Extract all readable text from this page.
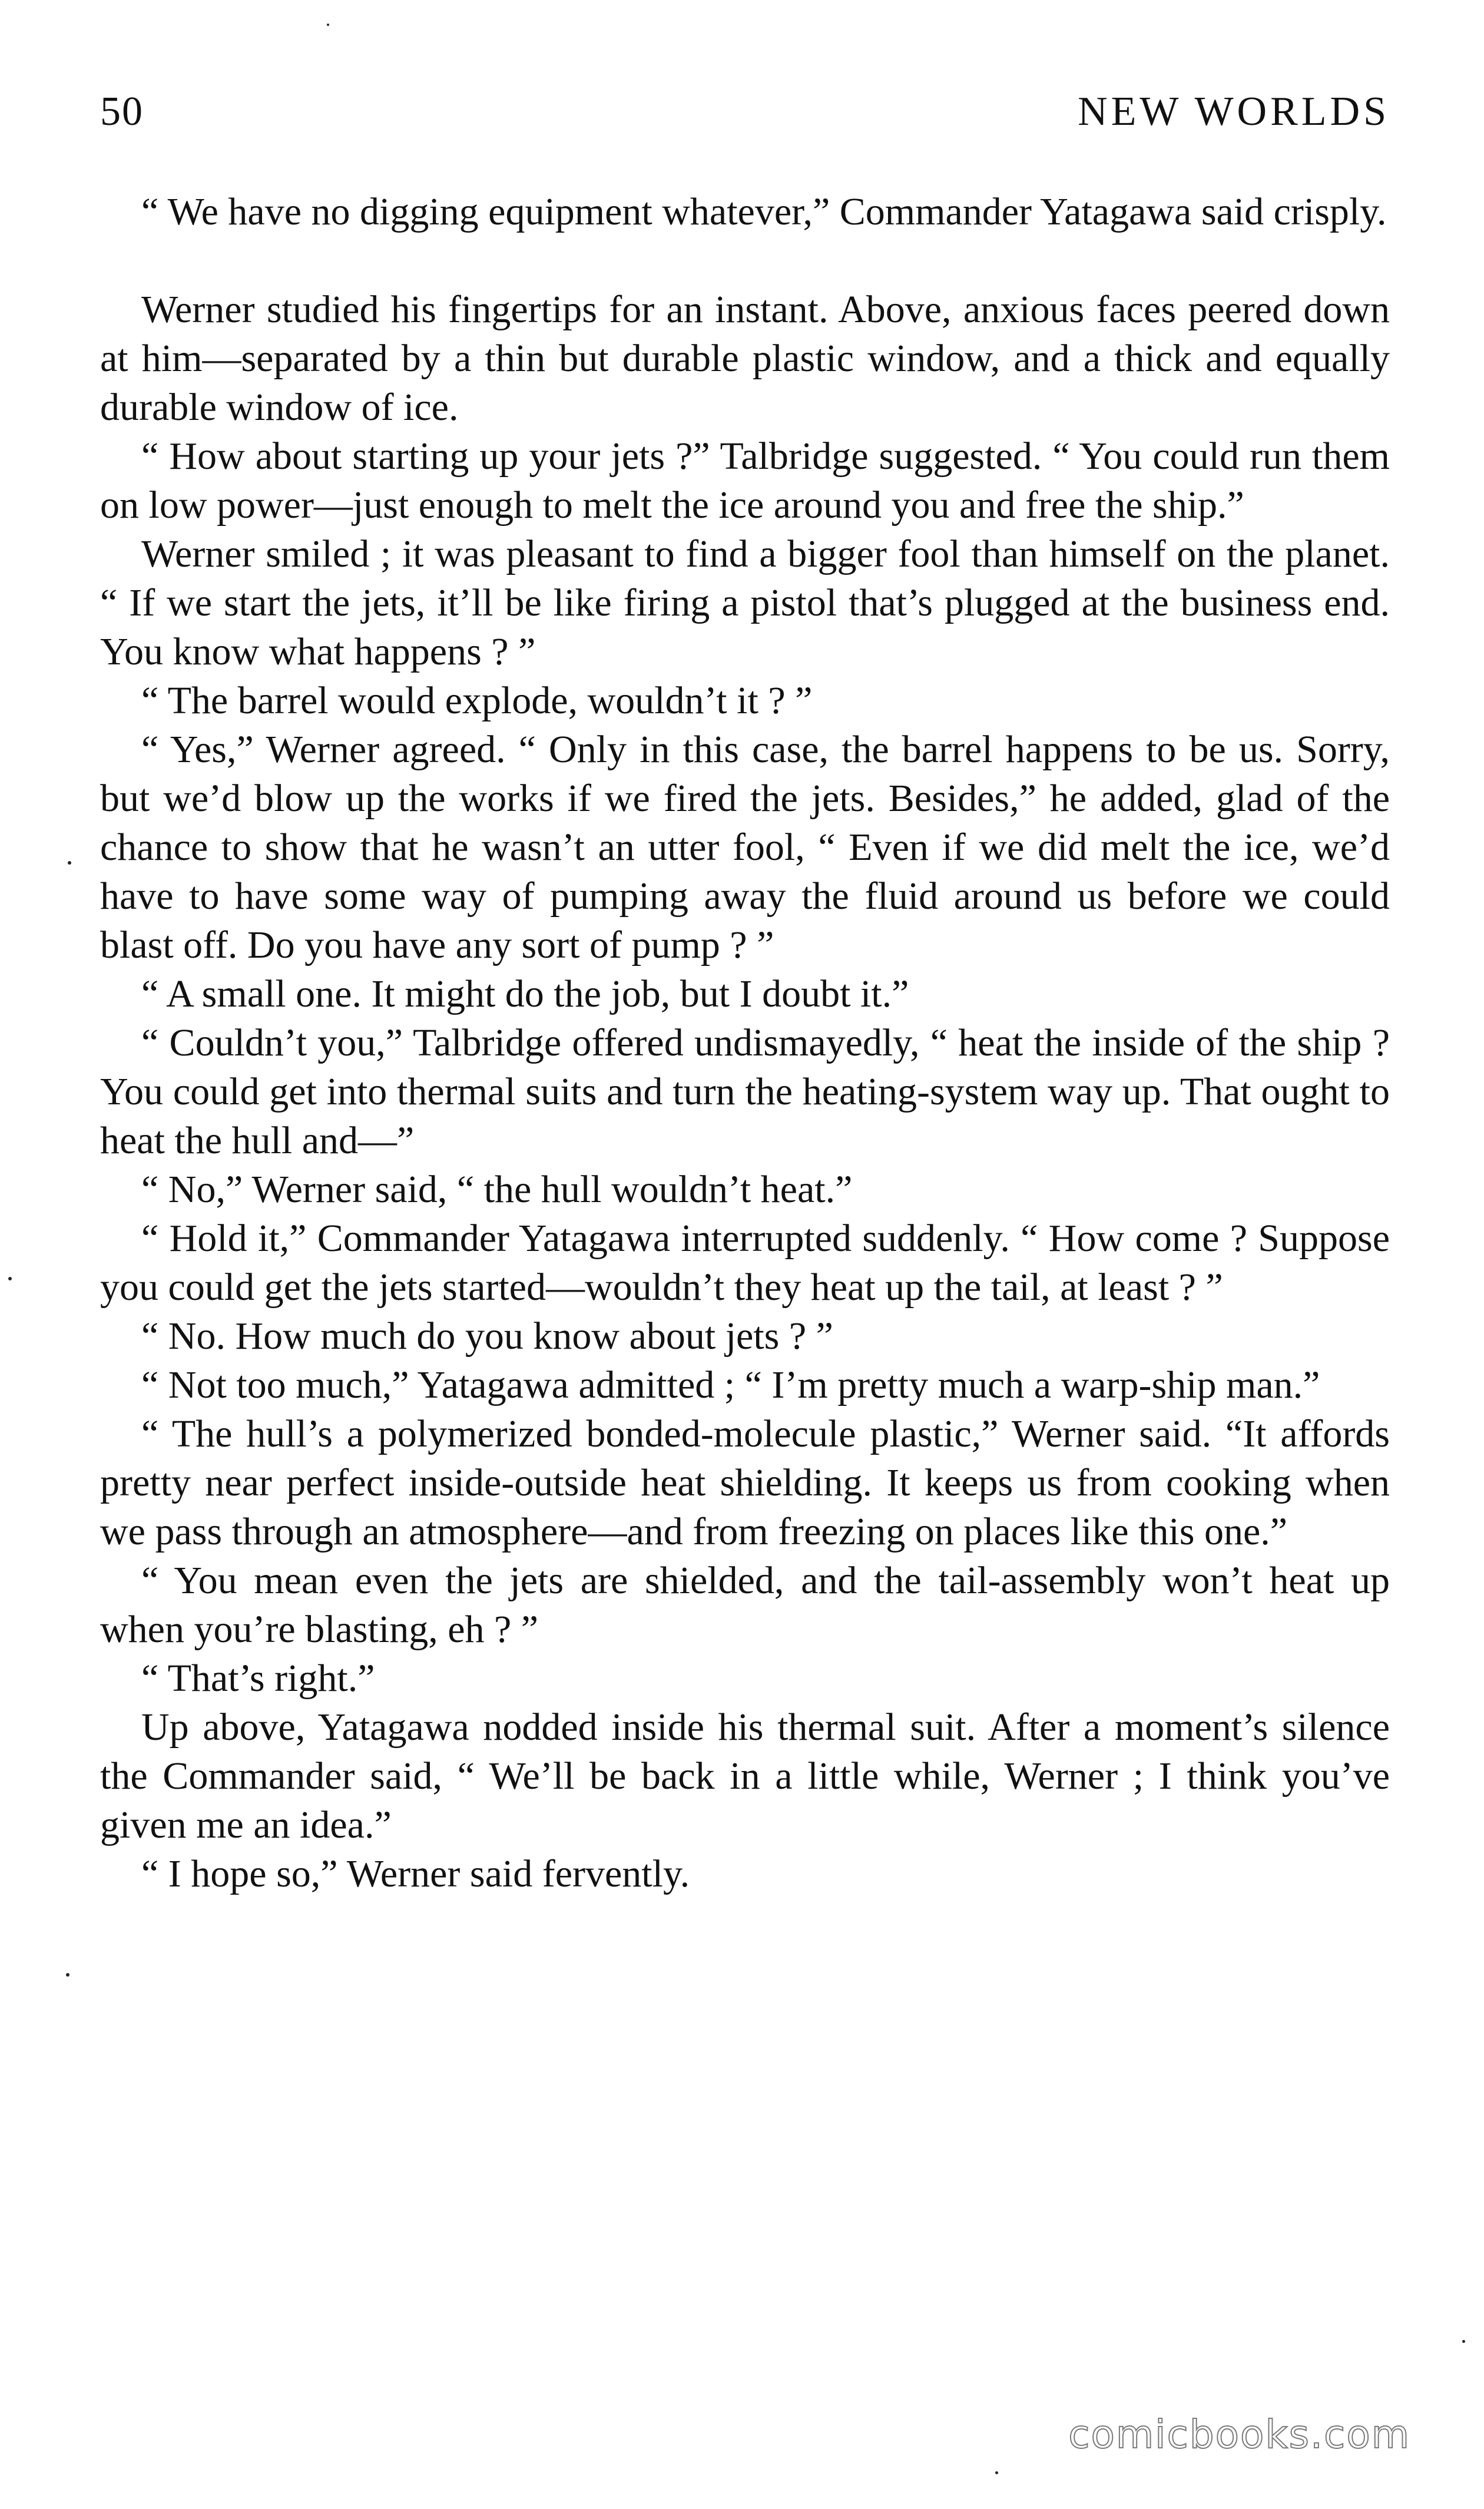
50	NEW WORLDS

“ We have no digging equipment whatever,” Commander Yatagawa said crisply.

Werner studied his fingertips for an instant. Above, anxious faces peered down at him—separated by a thin but durable plastic window, and a thick and equally durable window of ice.

“ How about starting up your jets ?” Talbridge suggested. “ You could run them on low power—just enough to melt the ice around you and free the ship.”

Werner smiled ; it was pleasant to find a bigger fool than himself on the planet. “ If we start the jets, it’ll be like firing a pistol that’s plugged at the business end. You know what happens ? ”

“ The barrel would explode, wouldn’t it ? ”

“ Yes,” Werner agreed. “ Only in this case, the barrel happens to be us. Sorry, but we’d blow up the works if we fired the jets. Besides,” he added, glad of the chance to show that he wasn’t an utter fool, “ Even if we did melt the ice, we’d have to have some way of pumping away the fluid around us before we could blast off. Do you have any sort of pump ? ”

“ A small one. It might do the job, but I doubt it.”

“ Couldn’t you,” Talbridge offered undismayedly, “ heat the inside of the ship ? You could get into thermal suits and turn the heating-system way up. That ought to heat the hull and—”

“ No,” Werner said, “ the hull wouldn’t heat.”

“ Hold it,” Commander Yatagawa interrupted suddenly. “ How come ? Suppose you could get the jets started—wouldn’t they heat up the tail, at least ? ”

“ No. How much do you know about jets ? ”

“ Not too much,” Yatagawa admitted ; “ I’m pretty much a warp-ship man.”

“ The hull’s a polymerized bonded-molecule plastic,” Werner said. “It affords pretty near perfect inside-outside heat shielding. It keeps us from cooking when we pass through an atmosphere—and from freezing on places like this one.”

“ You mean even the jets are shielded, and the tail-assembly won’t heat up when you’re blasting, eh ? ”

“ That’s right.”

Up above, Yatagawa nodded inside his thermal suit. After a moment’s silence the Commander said, “ We’ll be back in a little while, Werner ; I think you’ve given me an idea.”

“ I hope so,” Werner said fervently.

comicbooks.com
